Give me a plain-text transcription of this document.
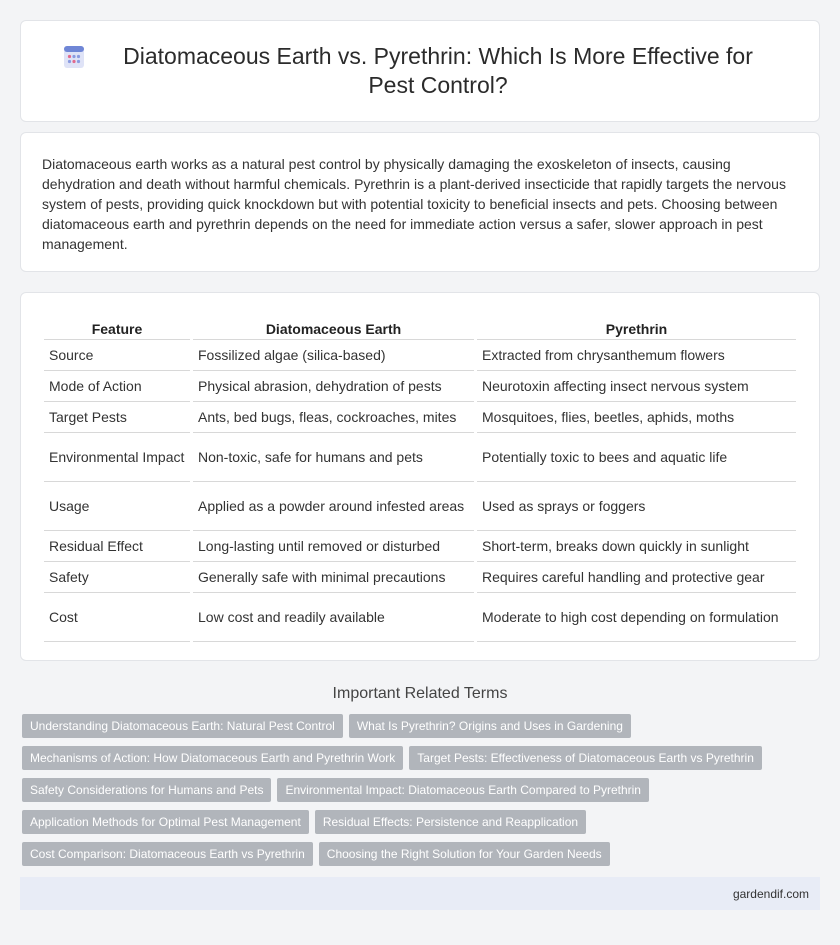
Diatomaceous Earth vs. Pyrethrin: Which Is More Effective for Pest Control?

Diatomaceous earth works as a natural pest control by physically damaging the exoskeleton of insects, causing dehydration and death without harmful chemicals. Pyrethrin is a plant-derived insecticide that rapidly targets the nervous system of pests, providing quick knockdown but with potential toxicity to beneficial insects and pets. Choosing between diatomaceous earth and pyrethrin depends on the need for immediate action versus a safer, slower approach in pest management.

Feature	Diatomaceous Earth	Pyrethrin
Source	Fossilized algae (silica-based)	Extracted from chrysanthemum flowers
Mode of Action	Physical abrasion, dehydration of pests	Neurotoxin affecting insect nervous system
Target Pests	Ants, bed bugs, fleas, cockroaches, mites	Mosquitoes, flies, beetles, aphids, moths
Environmental Impact	Non-toxic, safe for humans and pets	Potentially toxic to bees and aquatic life
Usage	Applied as a powder around infested areas	Used as sprays or foggers
Residual Effect	Long-lasting until removed or disturbed	Short-term, breaks down quickly in sunlight
Safety	Generally safe with minimal precautions	Requires careful handling and protective gear
Cost	Low cost and readily available	Moderate to high cost depending on formulation
Important Related Terms
Understanding Diatomaceous Earth: Natural Pest Control	What Is Pyrethrin? Origins and Uses in Gardening
Mechanisms of Action: How Diatomaceous Earth and Pyrethrin Work	Target Pests: Effectiveness of Diatomaceous Earth vs Pyrethrin
Safety Considerations for Humans and Pets	Environmental Impact: Diatomaceous Earth Compared to Pyrethrin
Application Methods for Optimal Pest Management	Residual Effects: Persistence and Reapplication
Cost Comparison: Diatomaceous Earth vs Pyrethrin	Choosing the Right Solution for Your Garden Needs
gardendif.com
